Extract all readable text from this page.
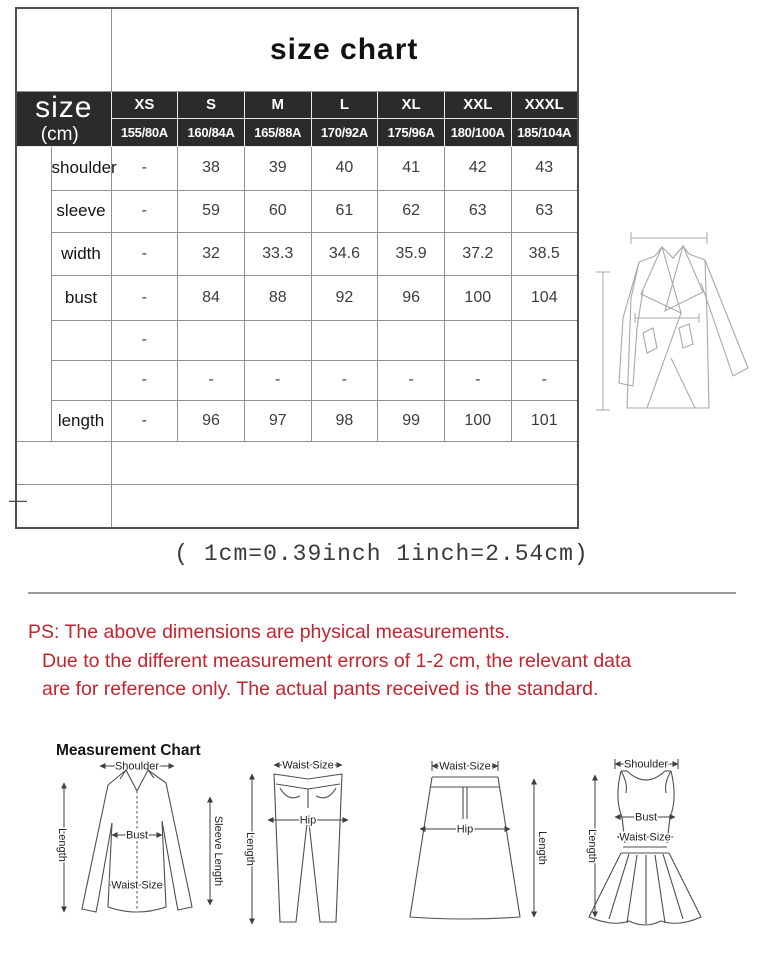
		size chart						

size
(cm)		XS	S	M	L	XL	XXL	XXXL
		155/80A	160/84A	165/88A	170/92A	175/96A	180/100A	185/104A
	shoulder	-	38	39	40	41	42	43
	sleeve	-	59	60	61	62	63	63
	width	-	32	33.3	34.6	35.9	37.2	38.5
	bust	-	84	88	92	96	100	104
		-						
		-	-	-	-	-	-	-
	length	-	96	97	98	99	100	101

—
( 1cm=0.39inch 1inch=2.54cm)
PS: The above dimensions are physical measurements.
Due to the different measurement errors of 1-2 cm, the relevant data
are for reference only. The actual pants received is the standard.
Measurement Chart
Shoulder
Bust
Waist Size
Length	Sleeve Length
Waist Size
Hip
Length
Waist Size
Hip
Length
Shoulder
Bust
Waist Size
Length
